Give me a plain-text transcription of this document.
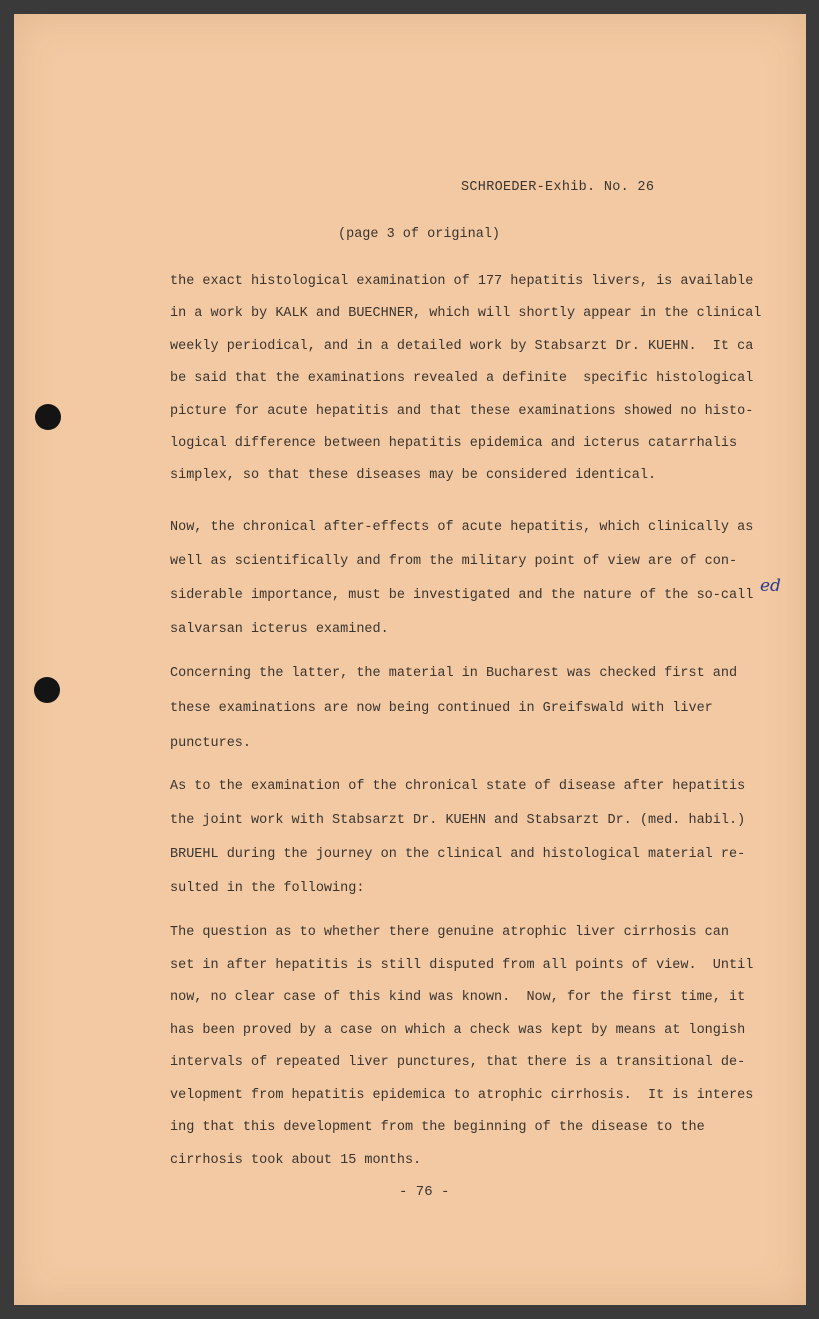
SCHROEDER-Exhib. No. 26
(page 3 of original)
the exact histological examination of 177 hepatitis livers, is available
in a work by KALK and BUECHNER, which will shortly appear in the clinical
weekly periodical, and in a detailed work by Stabsarzt Dr. KUEHN.  It ca
be said that the examinations revealed a definite  specific histological
picture for acute hepatitis and that these examinations showed no histo-
logical difference between hepatitis epidemica and icterus catarrhalis
simplex, so that these diseases may be considered identical.
Now, the chronical after-effects of acute hepatitis, which clinically as
well as scientifically and from the military point of view are of con-
siderable importance, must be investigated and the nature of the so-call
salvarsan icterus examined.
ed
Concerning the latter, the material in Bucharest was checked first and
these examinations are now being continued in Greifswald with liver
punctures.
As to the examination of the chronical state of disease after hepatitis
the joint work with Stabsarzt Dr. KUEHN and Stabsarzt Dr. (med. habil.)
BRUEHL during the journey on the clinical and histological material re-
sulted in the following:
The question as to whether there genuine atrophic liver cirrhosis can
set in after hepatitis is still disputed from all points of view.  Until
now, no clear case of this kind was known.  Now, for the first time, it
has been proved by a case on which a check was kept by means at longish
intervals of repeated liver punctures, that there is a transitional de-
velopment from hepatitis epidemica to atrophic cirrhosis.  It is interes
ing that this development from the beginning of the disease to the
cirrhosis took about 15 months.
- 76 -
